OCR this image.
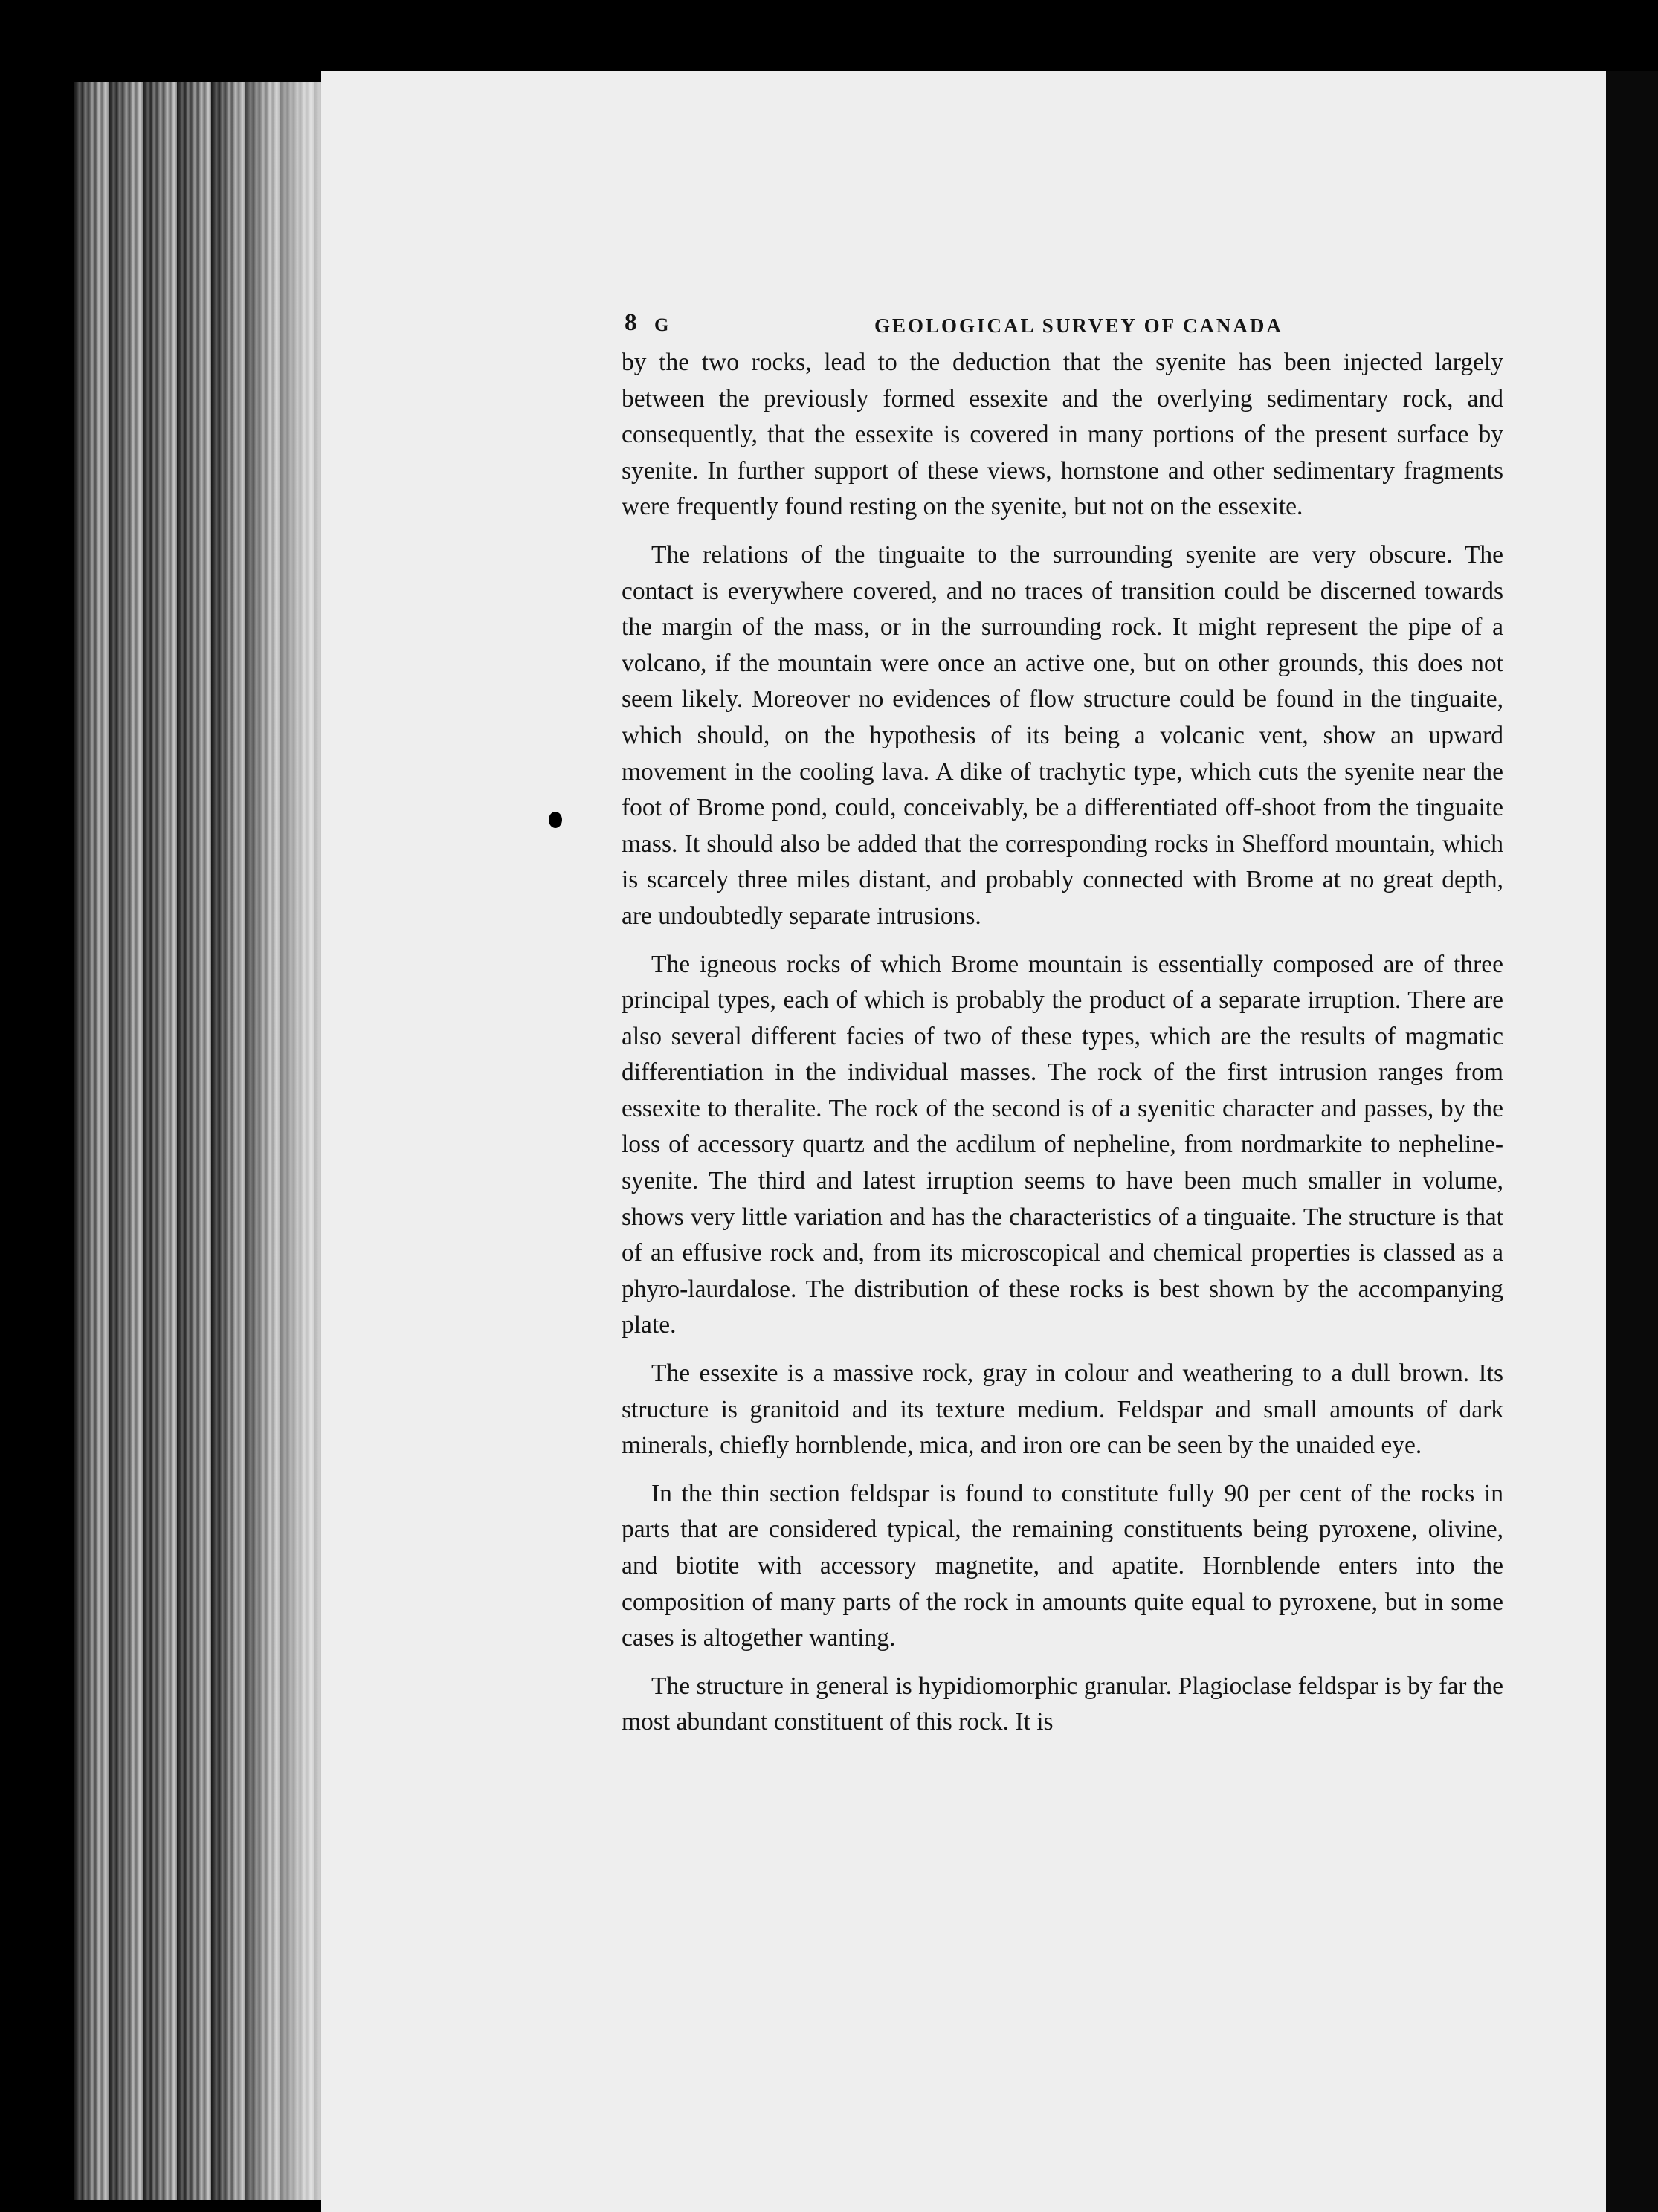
8 G	GEOLOGICAL SURVEY OF CANADA

by the two rocks, lead to the deduction that the syenite has been injected largely between the previously formed essexite and the overlying sedimentary rock, and consequently, that the essexite is covered in many portions of the present surface by syenite. In further support of these views, hornstone and other sedimentary fragments were frequently found resting on the syenite, but not on the essexite.

The relations of the tinguaite to the surrounding syenite are very obscure. The contact is everywhere covered, and no traces of transition could be discerned towards the margin of the mass, or in the surrounding rock. It might represent the pipe of a volcano, if the mountain were once an active one, but on other grounds, this does not seem likely. Moreover no evidences of flow structure could be found in the tinguaite, which should, on the hypothesis of its being a volcanic vent, show an upward movement in the cooling lava. A dike of trachytic type, which cuts the syenite near the foot of Brome pond, could, conceivably, be a differentiated off-shoot from the tinguaite mass. It should also be added that the corresponding rocks in Shefford mountain, which is scarcely three miles distant, and probably connected with Brome at no great depth, are undoubtedly separate intrusions.

The igneous rocks of which Brome mountain is essentially composed are of three principal types, each of which is probably the product of a separate irruption. There are also several different facies of two of these types, which are the results of magmatic differentiation in the individual masses. The rock of the first intrusion ranges from essexite to theralite. The rock of the second is of a syenitic character and passes, by the loss of accessory quartz and the acdilum of nepheline, from nordmarkite to nepheline-syenite. The third and latest irruption seems to have been much smaller in volume, shows very little variation and has the characteristics of a tinguaite. The structure is that of an effusive rock and, from its microscopical and chemical properties is classed as a phyro-laurdalose. The distribution of these rocks is best shown by the accompanying plate.

The essexite is a massive rock, gray in colour and weathering to a dull brown. Its structure is granitoid and its texture medium. Feldspar and small amounts of dark minerals, chiefly hornblende, mica, and iron ore can be seen by the unaided eye.

In the thin section feldspar is found to constitute fully 90 per cent of the rocks in parts that are considered typical, the remaining constituents being pyroxene, olivine, and biotite with accessory magnetite, and apatite. Hornblende enters into the composition of many parts of the rock in amounts quite equal to pyroxene, but in some cases is altogether wanting.

The structure in general is hypidiomorphic granular. Plagioclase feldspar is by far the most abundant constituent of this rock. It is
